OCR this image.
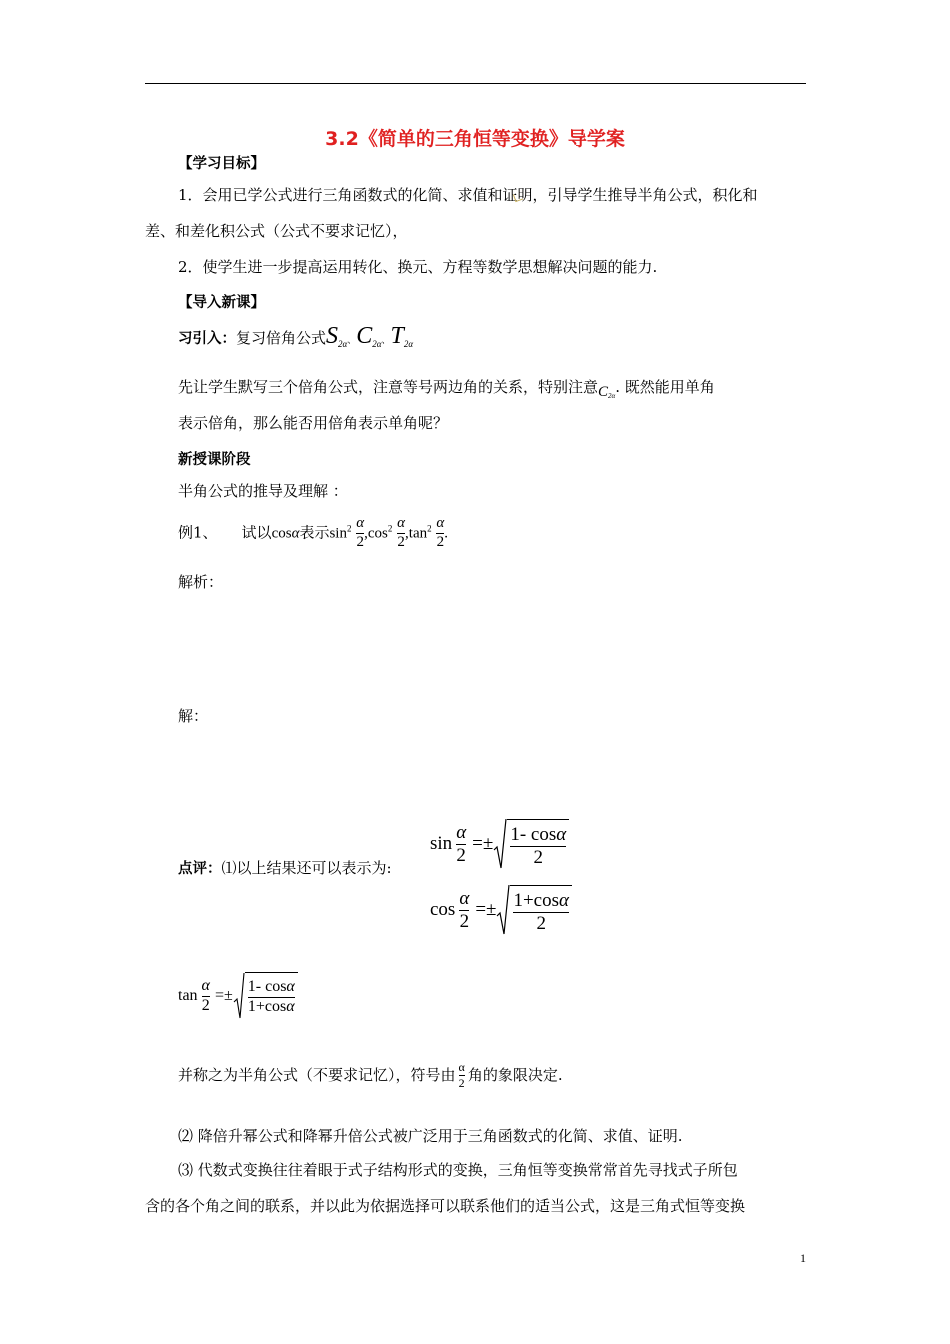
3.2《简单的三角恒等变换》导学案
【学习目标】
1．会用已学公式进行三角函数式的化简、求值和证明，引导学生推导半角公式，积化和
差、和差化积公式（公式不要求记忆），
2．使学生进一步提高运用转化、换元、方程等数学思想解决问题的能力.
【导入新课】
习引入：复习倍角公式$S_{2\alpha}$、$C_{2\alpha}$、$T_{2\alpha}$
先让学生默写三个倍角公式，注意等号两边角的关系，特别注意$C_{2\alpha}$. 既然能用单角
表示倍角，那么能否用倍角表示单角呢？
新授课阶段
半角公式的推导及理解 ：
例1、 试以cosα表示$\sin^2 \frac{\alpha}{2} ,\cos^2 \frac{\alpha}{2} ,\tan^2 \frac{\alpha}{2}$ .
解析：
解：
点评：⑴以上结果还可以表示为:
$\sin \frac{\alpha}{2}$ = ± $\frac{1- \cos\alpha}{2}$
$\cos \frac{\alpha}{2}$ = ± $\frac{1+\cos\alpha}{2}$
$\tan \frac{\alpha}{2}$ = ± $\frac{1- \cos\alpha}{1+\cos\alpha}$
并称之为半角公式（不要求记忆），符号由 $\frac{\alpha}{2}$ 角的象限决定.
⑵ 降倍升幂公式和降幂升倍公式被广泛用于三角函数式的化简、求值、证明.
⑶ 代数式变换往往着眼于式子结构形式的变换，三角恒等变换常常首先寻找式子所包
含的各个角之间的联系，并以此为依据选择可以联系他们的适当公式，这是三角式恒等变换
1
